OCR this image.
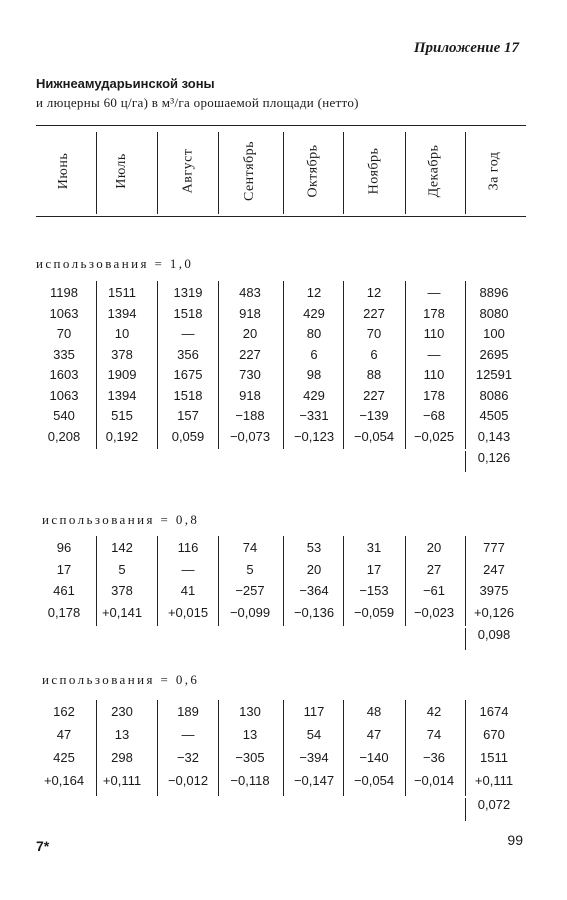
Приложение 17
Нижнеамударьинской зоны
и люцерны 60 ц/га) в м³/га орошаемой площади (нетто)
Июнь	Июль	Август	Сентябрь	Октябрь	Ноябрь	Декабрь	За год
использования = 1,0
1198	1511	1319	483	12	12	—	8896
1063	1394	1518	918	429	227	178	8080
70	10	—	20	80	70	110	100
335	378	356	227	6	6	—	2695
1603	1909	1675	730	98	88	110	12591
1063	1394	1518	918	429	227	178	8086
540	515	157	−188	−331	−139	−68	4505
0,208	0,192	0,059	−0,073	−0,123	−0,054	−0,025	0,143
0,126
использования = 0,8
96	142	116	74	53	31	20	777
17	5	—	5	20	17	27	247
461	378	41	−257	−364	−153	−61	3975
0,178	+0,141	+0,015	−0,099	−0,136	−0,059	−0,023	+0,126
0,098
использования = 0,6
162	230	189	130	117	48	42	1674
47	13	—	13	54	47	74	670
425	298	−32	−305	−394	−140	−36	1511
+0,164	+0,111	−0,012	−0,118	−0,147	−0,054	−0,014	+0,111
0,072
7*	99
